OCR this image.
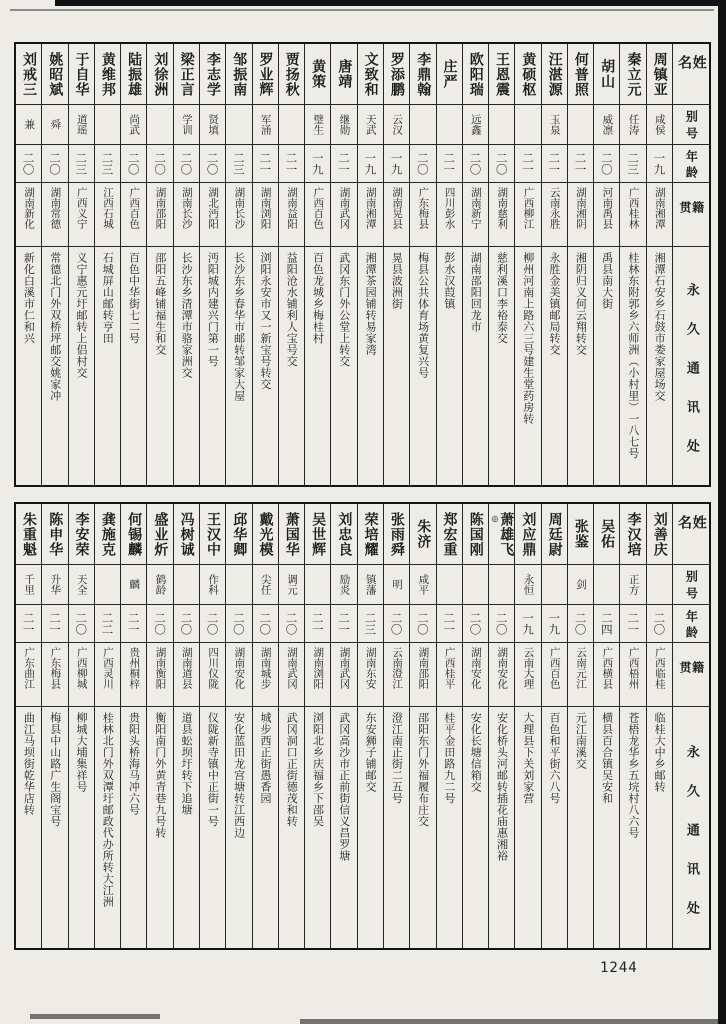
刘戒三
兼
二〇
湖南新化
新化白溪市仁和兴
姚昭斌
舜
二〇
湖南常德
常德北门外双桥坪邮交姚家冲
于自华
道瑶
二三
广西义宁
义宁惠元圩邮转上侣村交
黄维邦
二三
江西石城
石城屏山邮转亨田
陆振雄
尚武
二〇
广西百色
百色中华街七二号
刘徐洲
二〇
湖南邵阳
邵阳五峰铺福生和交
梁正言
学训
二〇
湖南长沙
长沙东乡清潭市骆家洲交
李志学
贤填
二〇
湖北沔阳
沔阳城内建兴门第一号
邹振南
二三
湖南长沙
长沙东乡春华市邮转邹家大屋
罗业辉
军涌
二一
湖南浏阳
浏阳永安市又一新宝号转交
贾扬秋
二一
湖南益阳
益阳沧水铺利人宝号交
黄策
璧生
一九
广西百色
百色龙城乡梅桂村
唐靖
继勋
二一
湖南武冈
武冈东门外公堂上转交
文致和
天武
一九
湖南湘潭
湘潭茶园铺转易家湾
罗添鹏
云汉
一九
湖南晃县
晃县波洲街
李鼎翰
二〇
广东梅县
梅县公共体育场黄复兴号
庄严
二一
四川彭水
彭水汉葭镇
欧阳瑞
远鑫
二〇
湖南新宁
湖南邵阳回龙市
王恩震
二〇
湖南慈利
慈利溪口李裕泰交
黄硕枢
二一
广西柳江
柳州河南上路六三号建生堂药房转
汪湛源
玉泉
二一
云南永胜
永胜金美镇邮局转交
何普照
二一
湖南湘阴
湘阴归义何云翔转交
胡山
威凛
二〇
河南禹县
禹县南大街
秦立元
任涛
二三
广西桂林
桂林东附郭乡六师洲（小村里）一八七号
周镇亚
咸侯
一九
湖南湘潭
湘潭石安乡石鼓市娄家屋场交
姓名
别号
年龄
籍贯
永久通讯处
朱重魁
千里
二一
广东曲江
曲江马坝街乾华店转
陈申华
升华
二一
广东梅县
梅县中山路广生阁宝号
李安荣
天全
二〇
广西柳城
柳城大埔集祥号
龚施克
二二
广西灵川
桂林北门外双潭圩邮政代办所转大江洲
何锡麟
麟
二一
贵州桐梓
贵阳头桥海马冲六号
盛业炘
鹤龄
二〇
湖南衡阳
衡阳南门外黄青巷九号转
冯树诚
二〇
湖南道县
道县蚣坝圩转下追塘
王汉中
作科
二〇
四川仪陇
仪陇新寺镇中正街一号
邱华卿
二〇
湖南安化
安化蓝田龙宫塘转江西边
戴光模
尖任
二〇
湖南城步
城步西正街愚香园
萧国华
调元
二〇
湖南武冈
武冈洞口正街德茂和转
吴世辉
二一
湖南浏阳
浏阳北乡庆福乡下邵吴
刘忠良
励炎
二一
湖南武冈
武冈高沙市正前街信义昌罗塘
荣培耀
镇藩
二三
湖南东安
东安狮子铺邮交
张雨舜
明
二〇
云南澄江
澄江南正街二五号
朱济
咸平
二〇
湖南邵阳
邵阳东门外福履布庄交
郑宏重
二一
广西桂平
桂平金田路九二号
陈国刚
二〇
湖南安化
安化长塘信箱交
萧雄飞
◎
二〇
湖南安化
安化桥头河邮转插花庙惠湘裕
刘应鼎
永恒
一九
云南大理
大理县下关刘家营
周廷尉
一九
广西百色
百色和平街六八号
张鉴
剑
二〇
云南元江
元江南溪交
吴佑
二四
广西横县
横县百合镇吴安和
李汉培
正方
二一
广西梧州
苍梧龙华乡五垸村八六号
刘善庆
二〇
广西临桂
临桂大中乡邮转
姓名
别号
年龄
籍贯
永久通讯处
1244
